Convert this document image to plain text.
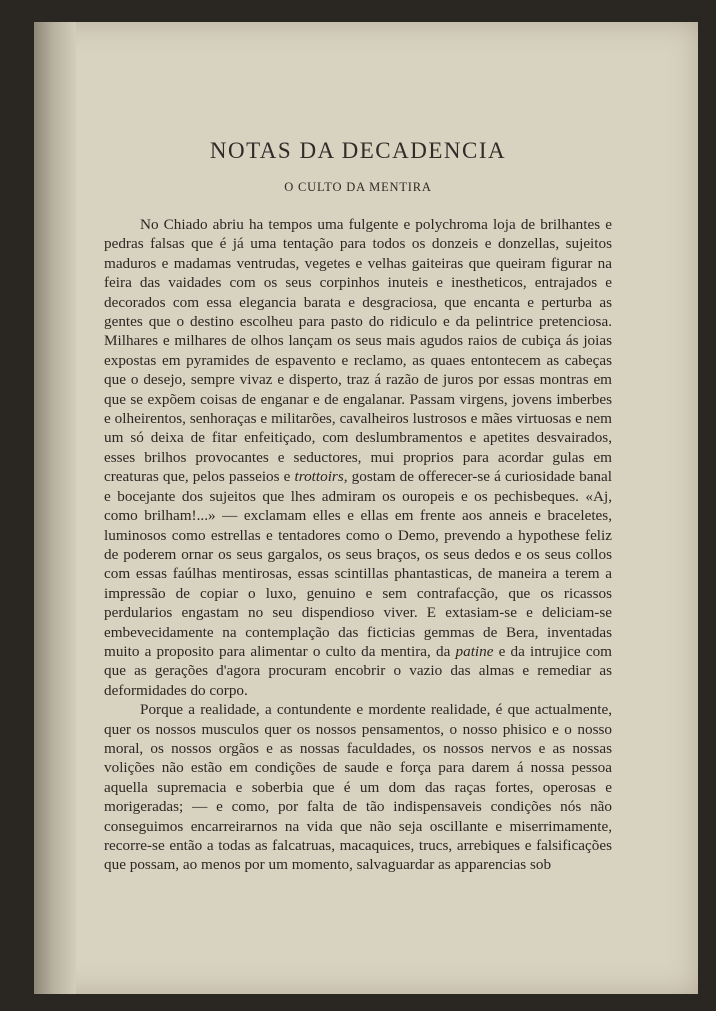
NOTAS DA DECADENCIA
O CULTO DA MENTIRA

No Chiado abriu ha tempos uma fulgente e polychroma loja de brilhantes e pedras falsas que é já uma tentação para todos os donzeis e donzellas, sujeitos maduros e madamas ventrudas, vegetes e velhas gaiteiras que queiram figurar na feira das vaidades com os seus corpinhos inuteis e inestheticos, entrajados e decorados com essa elegancia barata e desgraciosa, que encanta e perturba as gentes que o destino escolheu para pasto do ridiculo e da pelintrice pretenciosa. Milhares e milhares de olhos lançam os seus mais agudos raios de cubiça ás joias expostas em pyramides de espavento e reclamo, as quaes entontecem as cabeças que o desejo, sempre vivaz e disperto, traz á razão de juros por essas montras em que se expõem coisas de enganar e de engalanar. Passam virgens, jovens imberbes e olheirentos, senhoraças e militarões, cavalheiros lustrosos e mães virtuosas e nem um só deixa de fitar enfeitiçado, com deslumbramentos e apetites desvairados, esses brilhos provocantes e seductores, mui proprios para acordar gulas em creaturas que, pelos passeios e trottoirs, gostam de offerecer-se á curiosidade banal e bocejante dos sujeitos que lhes admiram os ouropeis e os pechisbeques. «Aj, como brilham!...» — exclamam elles e ellas em frente aos anneis e braceletes, luminosos como estrellas e tentadores como o Demo, prevendo a hypothese feliz de poderem ornar os seus gargalos, os seus braços, os seus dedos e os seus collos com essas faúlhas mentirosas, essas scintillas phantasticas, de maneira a terem a impressão de copiar o luxo, genuino e sem contrafacção, que os ricassos perdularios engastam no seu dispendioso viver. E extasiam-se e deliciam-se embevecidamente na contemplação das ficticias gemmas de Bera, inventadas muito a proposito para alimentar o culto da mentira, da patine e da intrujice com que as gerações d'agora procuram encobrir o vazio das almas e remediar as deformidades do corpo.

Porque a realidade, a contundente e mordente realidade, é que actualmente, quer os nossos musculos quer os nossos pensamentos, o nosso phisico e o nosso moral, os nossos orgãos e as nossas faculdades, os nossos nervos e as nossas volições não estão em condições de saude e força para darem á nossa pessoa aquella supremacia e soberbia que é um dom das raças fortes, operosas e morigeradas; — e como, por falta de tão indispensaveis condições nós não conseguimos encarreirarnos na vida que não seja oscillante e miserrimamente, recorre-se então a todas as falcatruas, macaquices, trucs, arrebiques e falsificações que possam, ao menos por um momento, salvaguardar as apparencias sob
